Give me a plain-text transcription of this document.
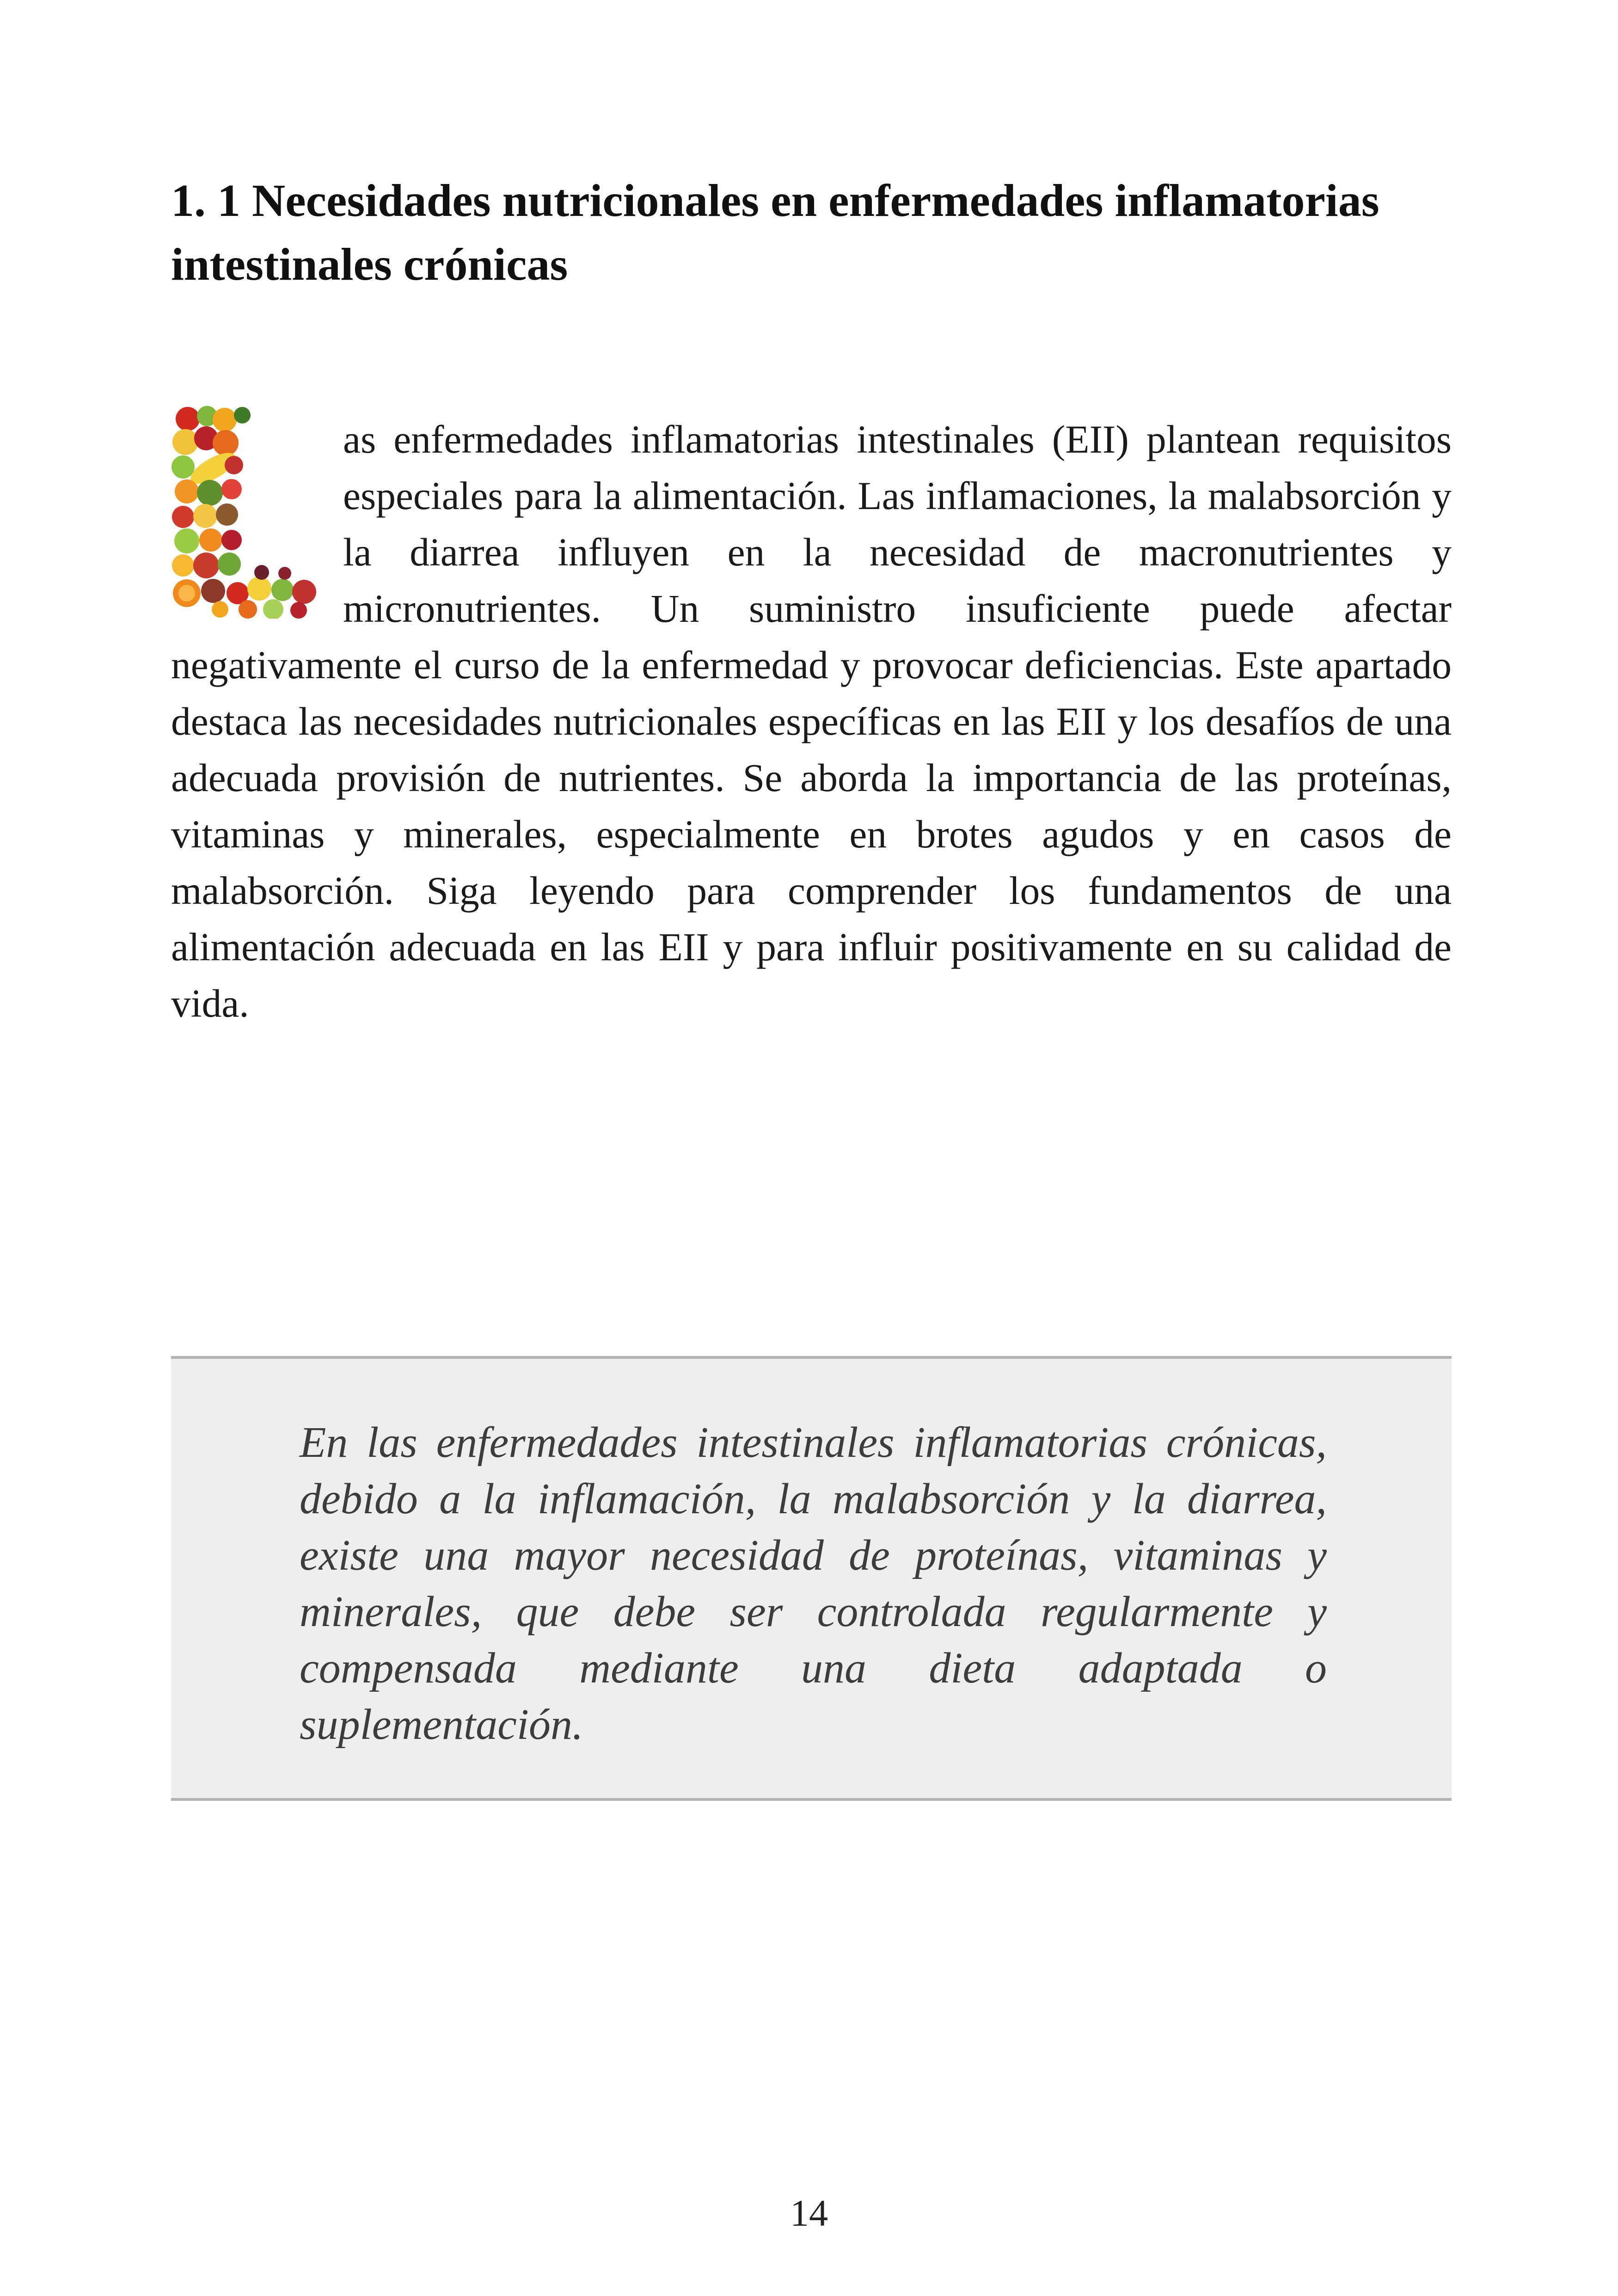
1. 1 Necesidades nutricionales en enfermedades inflamatorias intestinales crónicas

as enfermedades inflamatorias intestinales (EII) plantean requisitos especiales para la alimentación. Las inflamaciones, la malabsorción y la diarrea influyen en la necesidad de macronutrientes y micronutrientes. Un suministro insuficiente puede afectar negativamente el curso de la enfermedad y provocar deficiencias. Este apartado destaca las necesidades nutricionales específicas en las EII y los desafíos de una adecuada provisión de nutrientes. Se aborda la importancia de las proteínas, vitaminas y minerales, especialmente en brotes agudos y en casos de malabsorción. Siga leyendo para comprender los fundamentos de una alimentación adecuada en las EII y para influir positivamente en su calidad de vida.

En las enfermedades intestinales inflamatorias crónicas, debido a la inflamación, la malabsorción y la diarrea, existe una mayor necesidad de proteínas, vitaminas y minerales, que debe ser controlada regularmente y compensada mediante una dieta adaptada o suplementación.

14
